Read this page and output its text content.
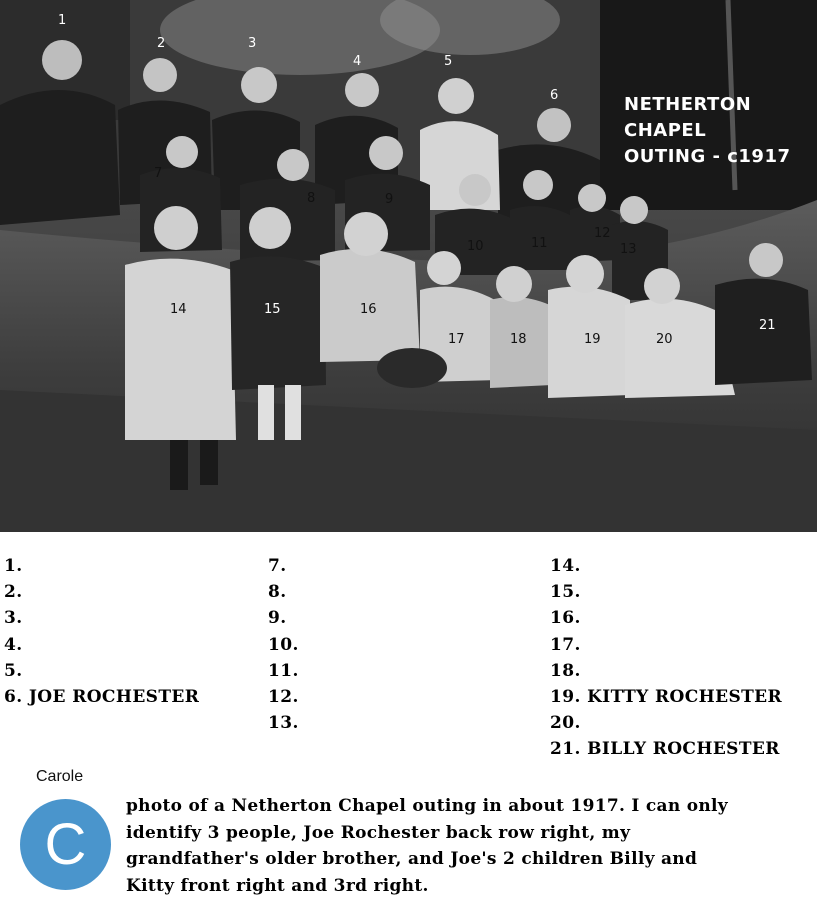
NETHERTON
CHAPEL
OUTING - c1917
1
2	3
4	5
6
7
8	9
10	11
12
13
14	15	16
17	18	19	20
21
1.
2.
3.
4.
5.
6. JOE ROCHESTER
7.
8.
9.
10.
11.
12.
13.
14.
15.
16.
17.
18.
19. KITTY ROCHESTER
20.
21. BILLY ROCHESTER
Carole
C
photo of a Netherton Chapel outing in about 1917. I can only
identify 3 people, Joe Rochester back row right, my
grandfather's older brother, and Joe's 2 children Billy and
Kitty front right and 3rd right.
